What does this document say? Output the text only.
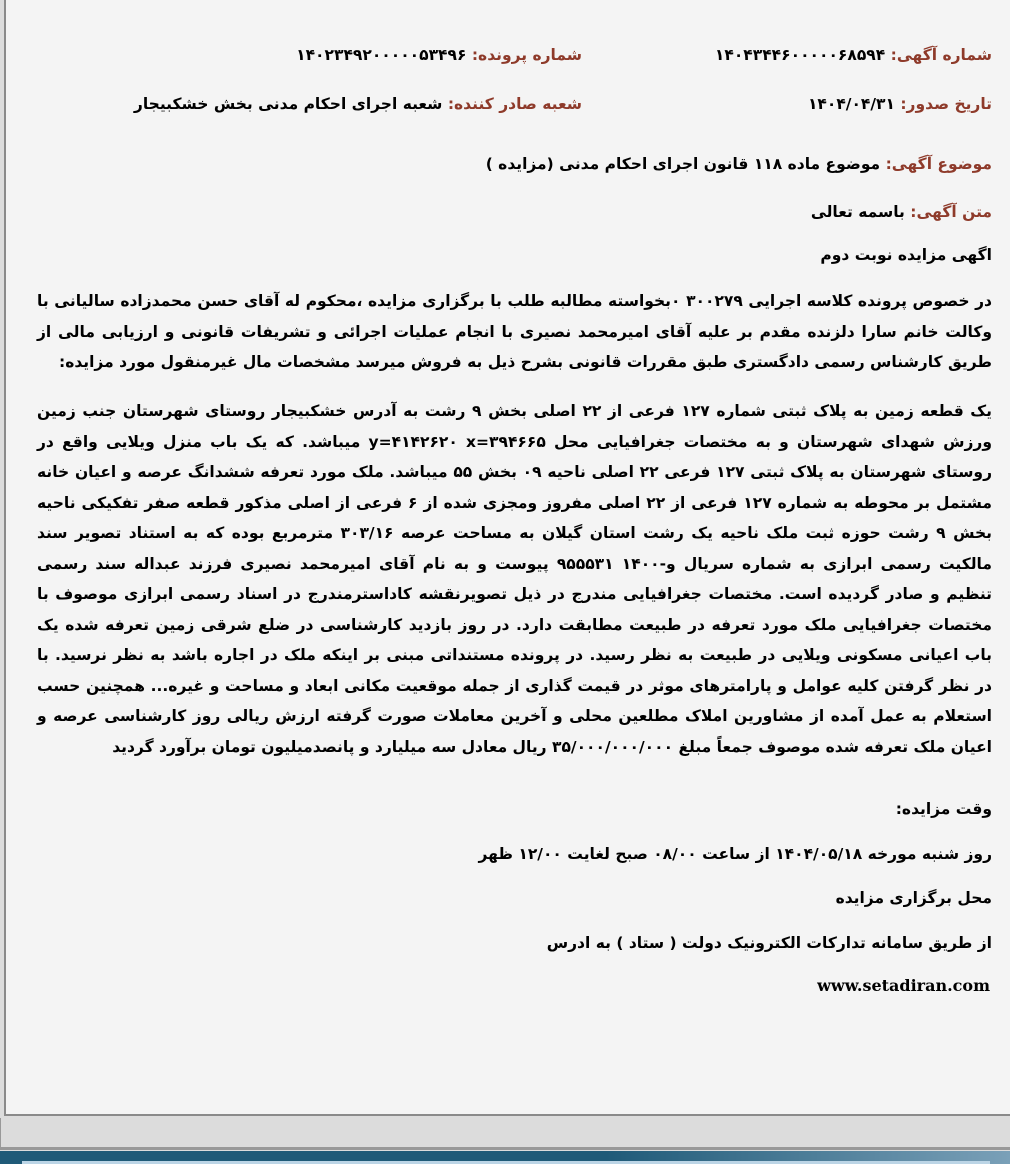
شماره آگهی: ۱۴۰۴۳۴۴۶۰۰۰۰۰۶۸۵۹۴
شماره پرونده: ۱۴۰۲۳۴۹۲۰۰۰۰۰۵۳۴۹۶
تاریخ صدور: ۱۴۰۴/۰۴/۳۱
شعبه صادر کننده: شعبه اجرای احکام مدنی بخش خشکبیجار
موضوع آگهی: موضوع ماده ۱۱۸ قانون اجرای احکام مدنی (مزایده )
متن آگهی: باسمه تعالی
اگهی مزایده نوبت دوم
در خصوص پرونده کلاسه اجرایی ۳۰۰۲۷۹ ۰بخواسته مطالبه طلب با برگزاری مزایده ،محکوم له آقای حسن محمدزاده سالیانی با وکالت خانم سارا دلزنده مقدم بر علیه آقای امیرمحمد نصیری با انجام عملیات اجرائی و تشریفات قانونی و ارزیابی مالی از طریق کارشناس رسمی دادگستری طبق مقررات قانونی بشرح ذیل به فروش میرسد مشخصات مال غیرمنقول مورد مزایده:
یک قطعه زمین به پلاک ثبتی شماره ۱۲۷ فرعی از ۲۲ اصلی بخش ۹ رشت به آدرس خشکبیجار روستای شهرستان جنب زمین ورزش شهدای شهرستان و به مختصات جغرافیایی محل y=۴۱۴۲۶۲۰ x=۳۹۴۶۶۵ میباشد. که یک باب منزل ویلایی واقع در روستای شهرستان به پلاک ثبتی ۱۲۷ فرعی ۲۲ اصلی ناحیه ۰۹ بخش ۵۵ میباشد. ملک مورد تعرفه ششدانگ عرصه و اعیان خانه مشتمل بر محوطه به شماره ۱۲۷ فرعی از ۲۲ اصلی مفروز ومجزی شده از ۶ فرعی از اصلی مذکور قطعه صفر تفکیکی ناحیه بخش ۹ رشت حوزه ثبت ملک ناحیه یک رشت استان گیلان به مساحت عرصه ۳۰۳/۱۶ مترمربع بوده که به استناد تصویر سند مالکیت رسمی ابرازی به شماره سریال و-۱۴۰۰ ۹۵۵۵۳۱ پیوست و به نام آقای امیرمحمد نصیری فرزند عبداله سند رسمی تنظیم و صادر گردیده است. مختصات جغرافیایی مندرج در ذیل تصویرنقشه کاداسترمندرج در اسناد رسمی ابرازی موصوف با مختصات جغرافیایی ملک مورد تعرفه در طبیعت مطابقت دارد. در روز بازدید کارشناسی در ضلع شرقی زمین تعرفه شده یک باب اعیانی مسکونی ویلایی در طبیعت به نظر رسید. در پرونده مستنداتی مبنی بر اینکه ملک در اجاره باشد به نظر نرسید. با در نظر گرفتن کلیه عوامل و پارامترهای موثر در قیمت گذاری از جمله موقعیت مکانی ابعاد و مساحت و غیره... همچنین حسب استعلام به عمل آمده از مشاورین املاک مطلعین محلی و آخرین معاملات صورت گرفته ارزش ریالی روز کارشناسی عرصه و اعیان ملک تعرفه شده موصوف جمعاً مبلغ ۳۵/۰۰۰/۰۰۰/۰۰۰ ریال معادل سه میلیارد و پانصدمیلیون تومان برآورد گردید
وقت مزایده:
روز شنبه مورخه ۱۴۰۴/۰۵/۱۸ از ساعت ۰۸/۰۰ صبح لغایت ۱۲/۰۰ ظهر
محل برگزاری مزایده
از طریق سامانه تدارکات الکترونیک دولت ( ستاد ) به ادرس
www.setadiran.com
